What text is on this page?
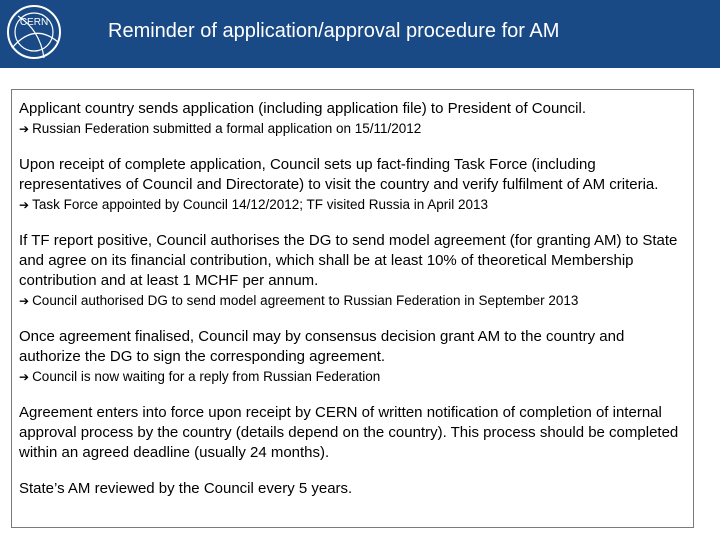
CERN	Reminder of application/approval procedure for AM
Applicant country sends application (including application file) to President of Council.
➔ Russian Federation submitted a formal application on 15/11/2012
Upon receipt of complete application, Council sets up fact-finding Task Force (including representatives of Council and Directorate) to visit the country and verify fulfilment of AM criteria. ➔ Task Force appointed by Council 14/12/2012; TF visited Russia in April 2013
If TF report positive, Council authorises the DG to send model agreement (for granting AM) to State and agree on its financial contribution, which shall be at least 10% of theoretical Membership contribution and at least 1 MCHF per annum.
➔ Council authorised DG to send model agreement to Russian Federation in September 2013
Once agreement finalised, Council may by consensus decision grant AM to the country and authorize the DG to sign the corresponding agreement.
➔ Council is now waiting for a reply from Russian Federation
Agreement enters into force upon receipt by CERN of written notification of completion of internal approval process by the country (details depend on the country). This process should be completed within an agreed deadline (usually 24 months).
State’s AM reviewed by the Council every 5 years.
